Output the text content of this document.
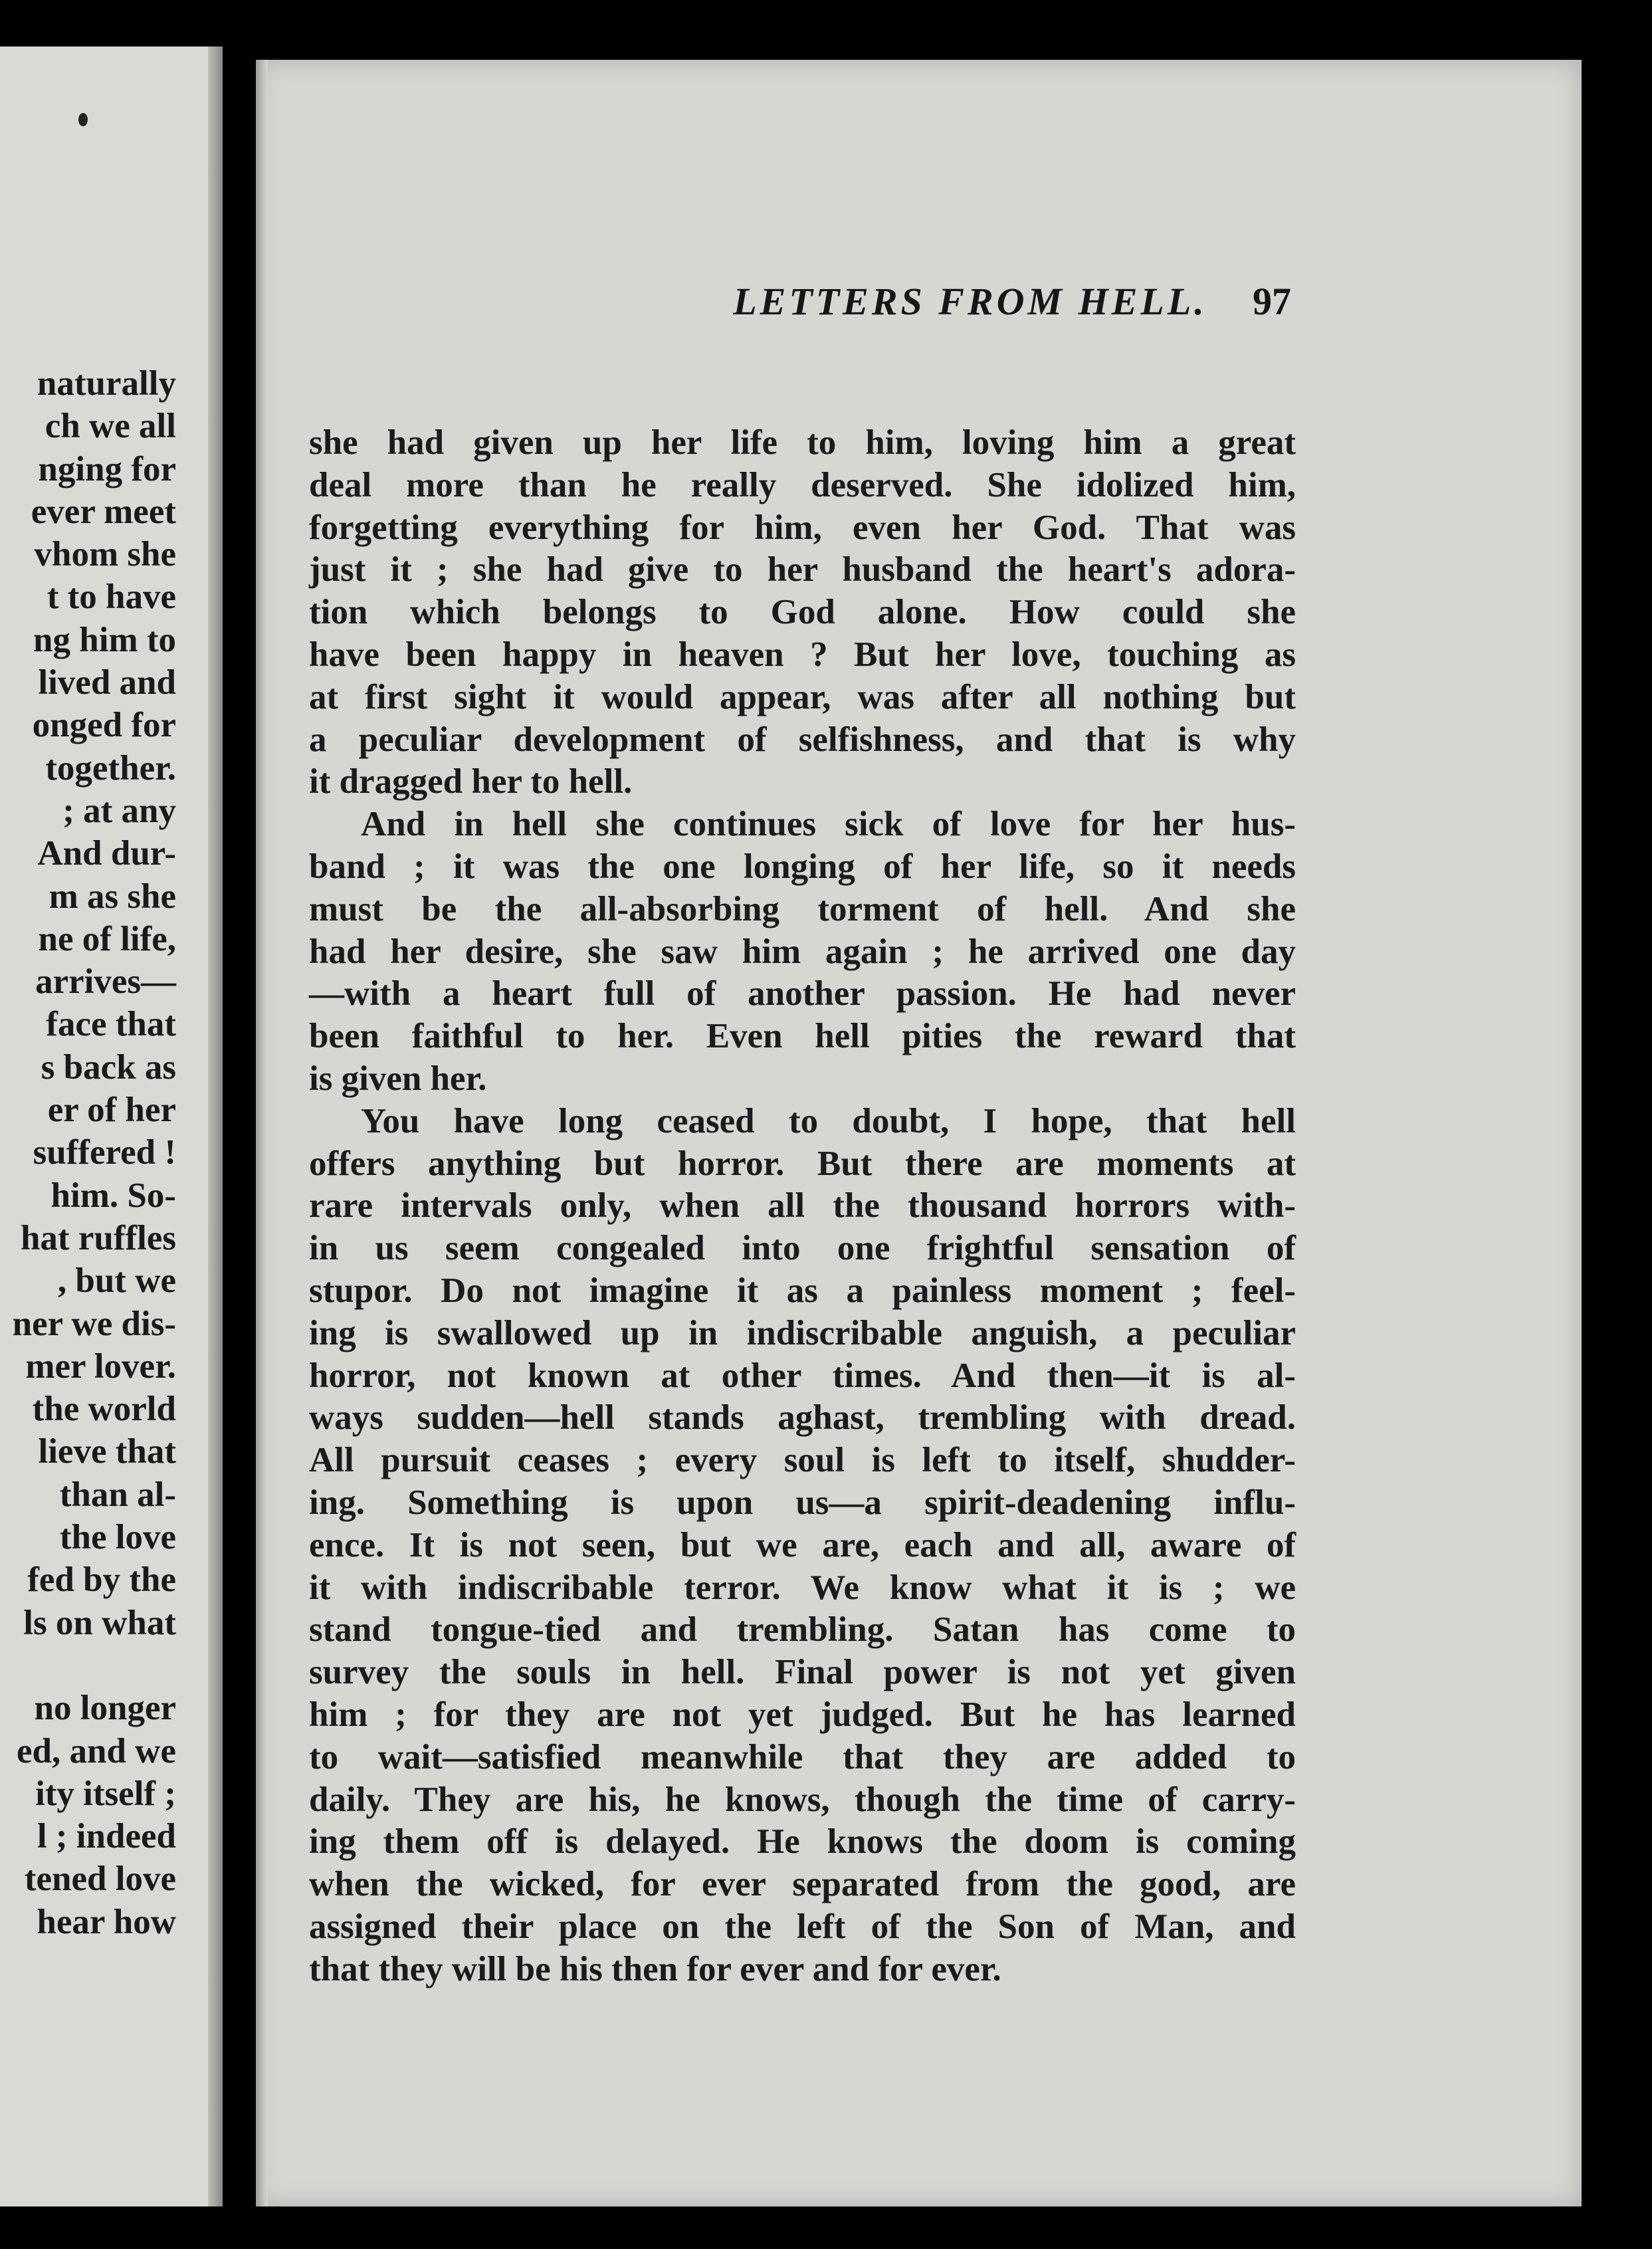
naturally
ch we all
nging for
ever meet
vhom she
t to have
ng him to
lived and
onged for
together.
; at any
And dur-
m as she
ne of life,
arrives—
face that
s back as
er of her
suffered !
him. So-
hat ruffles
, but we
ner we dis-
mer lover.
the world
lieve that
than al-
the love
fed by the
ls on what
no longer
ed, and we
ity itself ;
l ; indeed
tened love
hear how
LETTERS FROM HELL.	97
she had given up her life to him, loving him a great
deal more than he really deserved. She idolized him,
forgetting everything for him, even her God. That was
just it ; she had give to her husband the heart's adora-
tion which belongs to God alone. How could she
have been happy in heaven ? But her love, touching as
at first sight it would appear, was after all nothing but
a peculiar development of selfishness, and that is why
it dragged her to hell.
And in hell she continues sick of love for her hus-
band ; it was the one longing of her life, so it needs
must be the all-absorbing torment of hell. And she
had her desire, she saw him again ; he arrived one day
—with a heart full of another passion. He had never
been faithful to her. Even hell pities the reward that
is given her.
You have long ceased to doubt, I hope, that hell
offers anything but horror. But there are moments at
rare intervals only, when all the thousand horrors with-
in us seem congealed into one frightful sensation of
stupor. Do not imagine it as a painless moment ; feel-
ing is swallowed up in indiscribable anguish, a peculiar
horror, not known at other times. And then—it is al-
ways sudden—hell stands aghast, trembling with dread.
All pursuit ceases ; every soul is left to itself, shudder-
ing. Something is upon us—a spirit-deadening influ-
ence. It is not seen, but we are, each and all, aware of
it with indiscribable terror. We know what it is ; we
stand tongue-tied and trembling. Satan has come to
survey the souls in hell. Final power is not yet given
him ; for they are not yet judged. But he has learned
to wait—satisfied meanwhile that they are added to
daily. They are his, he knows, though the time of carry-
ing them off is delayed. He knows the doom is coming
when the wicked, for ever separated from the good, are
assigned their place on the left of the Son of Man, and
that they will be his then for ever and for ever.
